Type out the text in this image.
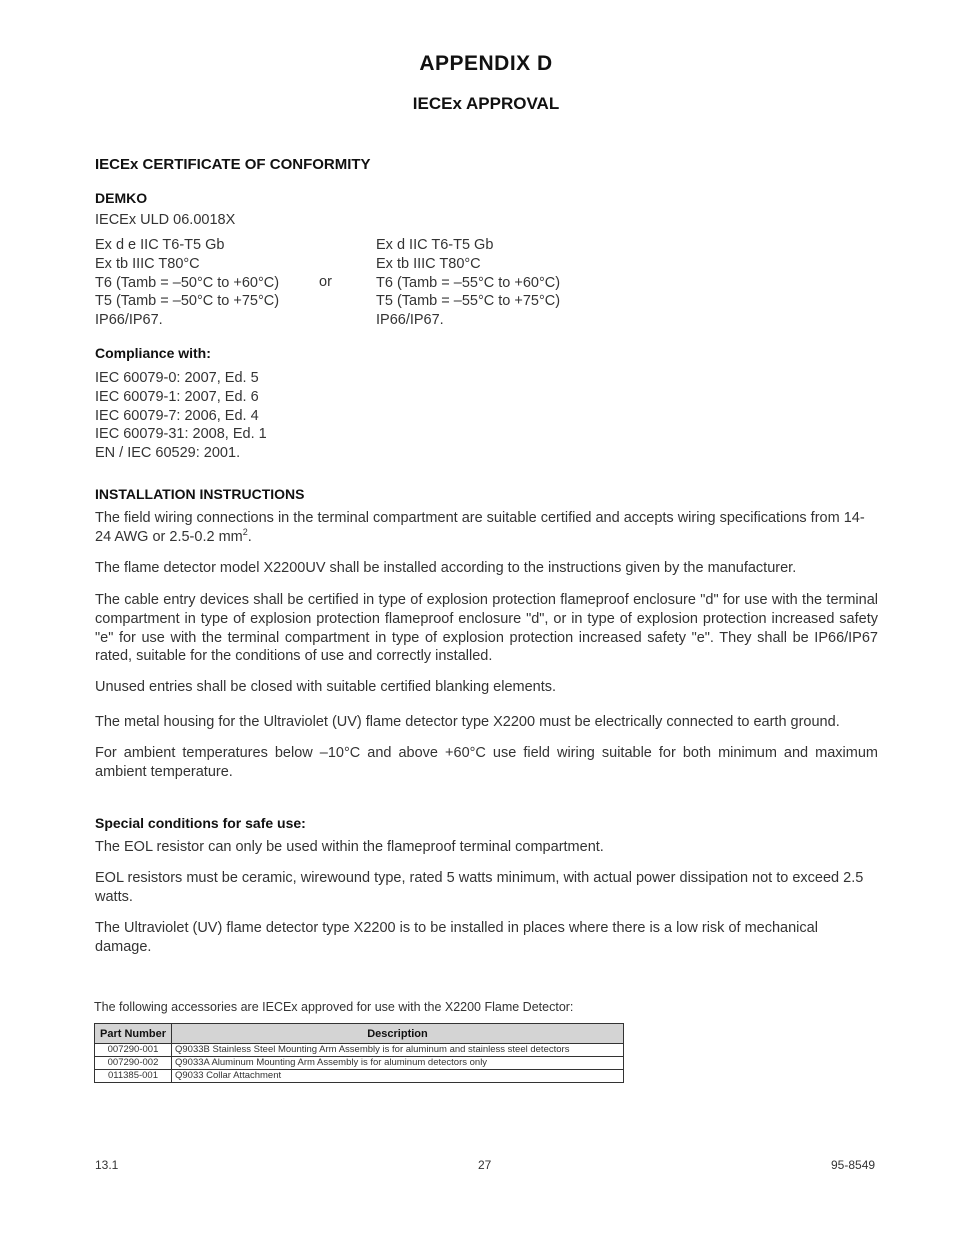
APPENDIX D
IECEx APPROVAL
IECEx CERTIFICATE OF CONFORMITY
DEMKO
IECEx ULD 06.0018X
Ex d e IIC T6-T5 Gb
Ex tb IIIC T80°C
T6 (Tamb = –50°C to +60°C)
T5 (Tamb = –50°C to +75°C)
IP66/IP67.
or
Ex d IIC T6-T5 Gb
Ex tb IIIC T80°C
T6 (Tamb = –55°C to +60°C)
T5 (Tamb = –55°C to +75°C)
IP66/IP67.
Compliance with:
IEC 60079-0: 2007, Ed. 5
IEC 60079-1: 2007, Ed. 6
IEC 60079-7: 2006, Ed. 4
IEC 60079-31: 2008, Ed. 1
EN / IEC 60529: 2001.
INSTALLATION INSTRUCTIONS
The field wiring connections in the terminal compartment are suitable certified and accepts wiring specifications from 14-24 AWG or 2.5-0.2 $mm^2$.
The flame detector model X2200UV shall be installed according to the instructions given by the manufacturer.
The cable entry devices shall be certified in type of explosion protection flameproof enclosure "d" for use with the terminal compartment in type of explosion protection flameproof enclosure "d", or in type of explosion protection increased safety "e" for use with the terminal compartment in type of explosion protection increased safety "e". They shall be IP66/IP67 rated, suitable for the conditions of use and correctly installed.
Unused entries shall be closed with suitable certified blanking elements.
The metal housing for the Ultraviolet (UV) flame detector type X2200 must be electrically connected to earth ground.
For ambient temperatures below –10°C and above +60°C use field wiring suitable for both minimum and maximum ambient temperature.
Special conditions for safe use:
The EOL resistor can only be used within the flameproof terminal compartment.
EOL resistors must be ceramic, wirewound type, rated 5 watts minimum, with actual power dissipation not to exceed 2.5 watts.
The Ultraviolet (UV) flame detector type X2200 is to be installed in places where there is a low risk of mechanical damage.
The following accessories are IECEx approved for use with the X2200 Flame Detector:
Part Number	Description
007290-001	Q9033B Stainless Steel Mounting Arm Assembly is for aluminum and stainless steel detectors
007290-002	Q9033A Aluminum Mounting Arm Assembly is for aluminum detectors only
011385-001	Q9033 Collar Attachment
13.1	27	95-8549
